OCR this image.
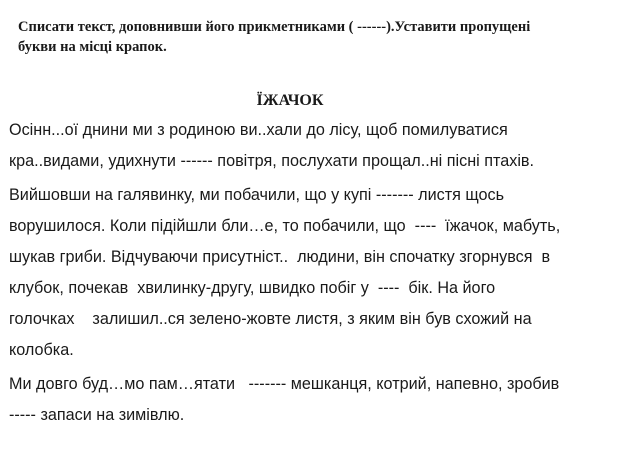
Списати текст, доповнивши його прикметниками ( ------).Уставити пропущені
букви на місці крапок.

ЇЖАЧОК

Осінн...ої днини ми з родиною ви..хали до лісу, щоб помилуватися

кра..видами, удихнути ------ повітря, послухати прощал..ні пісні птахів.

Вийшовши на галявинку, ми побачили, що у купі ------- листя щось

ворушилося. Коли підійшли бли…е, то побачили, що  ----  їжачок, мабуть,

шукав гриби. Відчуваючи присутніст..  людини, він спочатку згорнувся  в

клубок, почекав  хвилинку-другу, швидко побіг у  ----  бік. На його

голочках    залишил..ся зелено-жовте листя, з яким він був схожий на

колобка.

Ми довго буд…мо пам…ятати   ------- мешканця, котрий, напевно, зробив

----- запаси на зимівлю.
